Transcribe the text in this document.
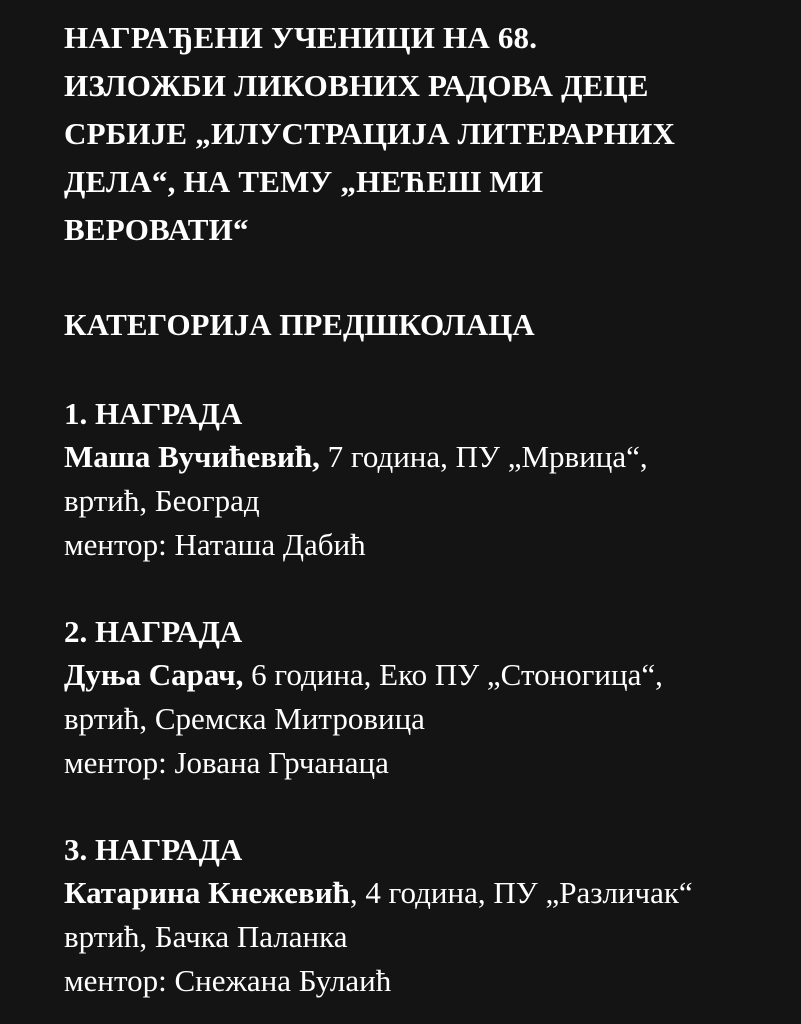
НАГРАЂЕНИ УЧЕНИЦИ НА 68.
ИЗЛОЖБИ ЛИКОВНИХ РАДОВА ДЕЦЕ
СРБИЈЕ „ИЛУСТРАЦИЈА ЛИТЕРАРНИХ
ДЕЛА“, НА ТЕМУ „НЕЋЕШ МИ
ВЕРОВАТИ“
КАТЕГОРИЈА ПРЕДШКОЛАЦА
1. НАГРАДА
Маша Вучићевић, 7 година, ПУ „Мрвица“,
вртић, Београд
ментор: Наташа Дабић
2. НАГРАДА
Дуња Сарач, 6 година, Еко ПУ „Стоногица“,
вртић, Сремска Митровица
ментор: Јована Грчанаца
3. НАГРАДА
Катарина Кнежевић, 4 година, ПУ „Различак“
вртић, Бачка Паланка
ментор: Снежана Булаић
